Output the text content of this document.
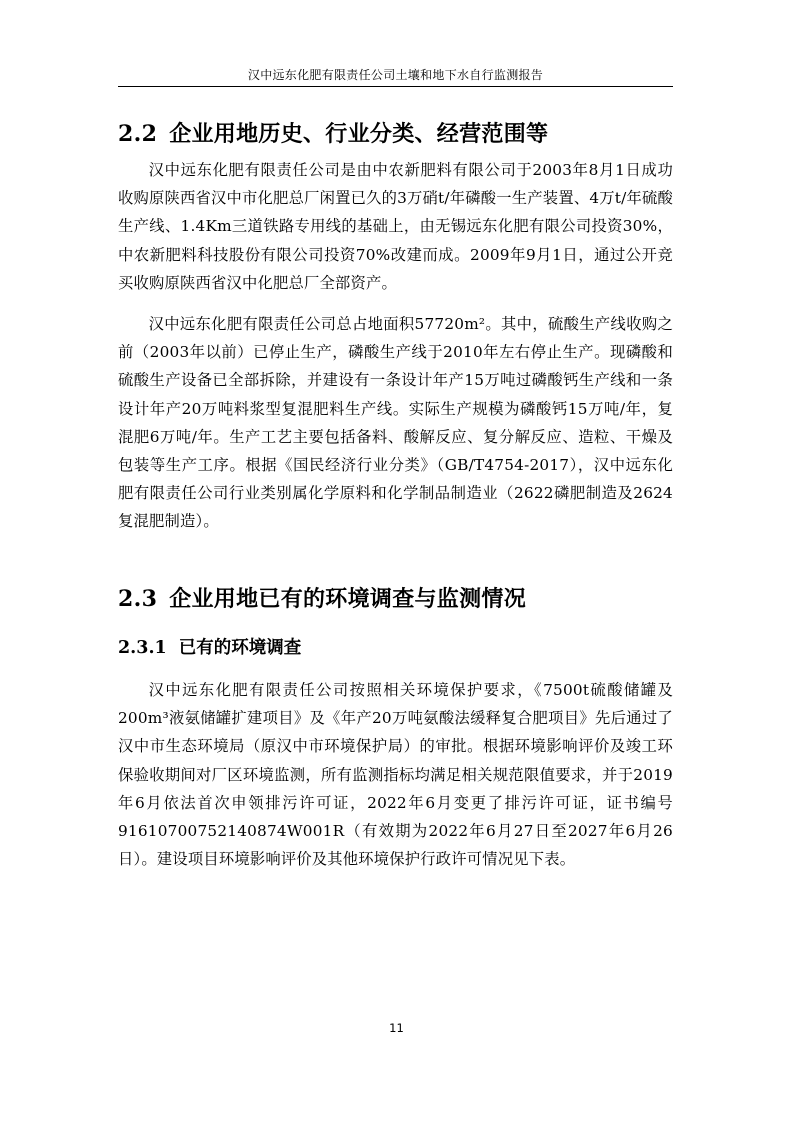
汉中远东化肥有限责任公司土壤和地下水自行监测报告
2.2 企业用地历史、行业分类、经营范围等

汉中远东化肥有限责任公司是由中农新肥料有限公司于2003年8月1日成功收购原陕西省汉中市化肥总厂闲置已久的3万硝t/年磷酸一生产装置、4万t/年硫酸生产线、1.4Km三道铁路专用线的基础上，由无锡远东化肥有限公司投资30%，中农新肥料科技股份有限公司投资70%改建而成。2009年9月1日，通过公开竞买收购原陕西省汉中化肥总厂全部资产。

汉中远东化肥有限责任公司总占地面积57720m²。其中，硫酸生产线收购之前（2003年以前）已停止生产，磷酸生产线于2010年左右停止生产。现磷酸和硫酸生产设备已全部拆除，并建设有一条设计年产15万吨过磷酸钙生产线和一条设计年产20万吨料浆型复混肥料生产线。实际生产规模为磷酸钙15万吨/年，复混肥6万吨/年。生产工艺主要包括备料、酸解反应、复分解反应、造粒、干燥及包装等生产工序。根据《国民经济行业分类》（GB/T4754-2017），汉中远东化肥有限责任公司行业类别属化学原料和化学制品制造业（2622磷肥制造及2624复混肥制造）。

2.3 企业用地已有的环境调查与监测情况
2.3.1 已有的环境调查

汉中远东化肥有限责任公司按照相关环境保护要求，《7500t硫酸储罐及200m³液氨储罐扩建项目》及《年产20万吨氨酸法缓释复合肥项目》先后通过了汉中市生态环境局（原汉中市环境保护局）的审批。根据环境影响评价及竣工环保验收期间对厂区环境监测，所有监测指标均满足相关规范限值要求，并于2019年6月依法首次申领排污许可证，2022年6月变更了排污许可证，证书编号91610700752140874W001R（有效期为2022年6月27日至2027年6月26日）。建设项目环境影响评价及其他环境保护行政许可情况见下表。

11
